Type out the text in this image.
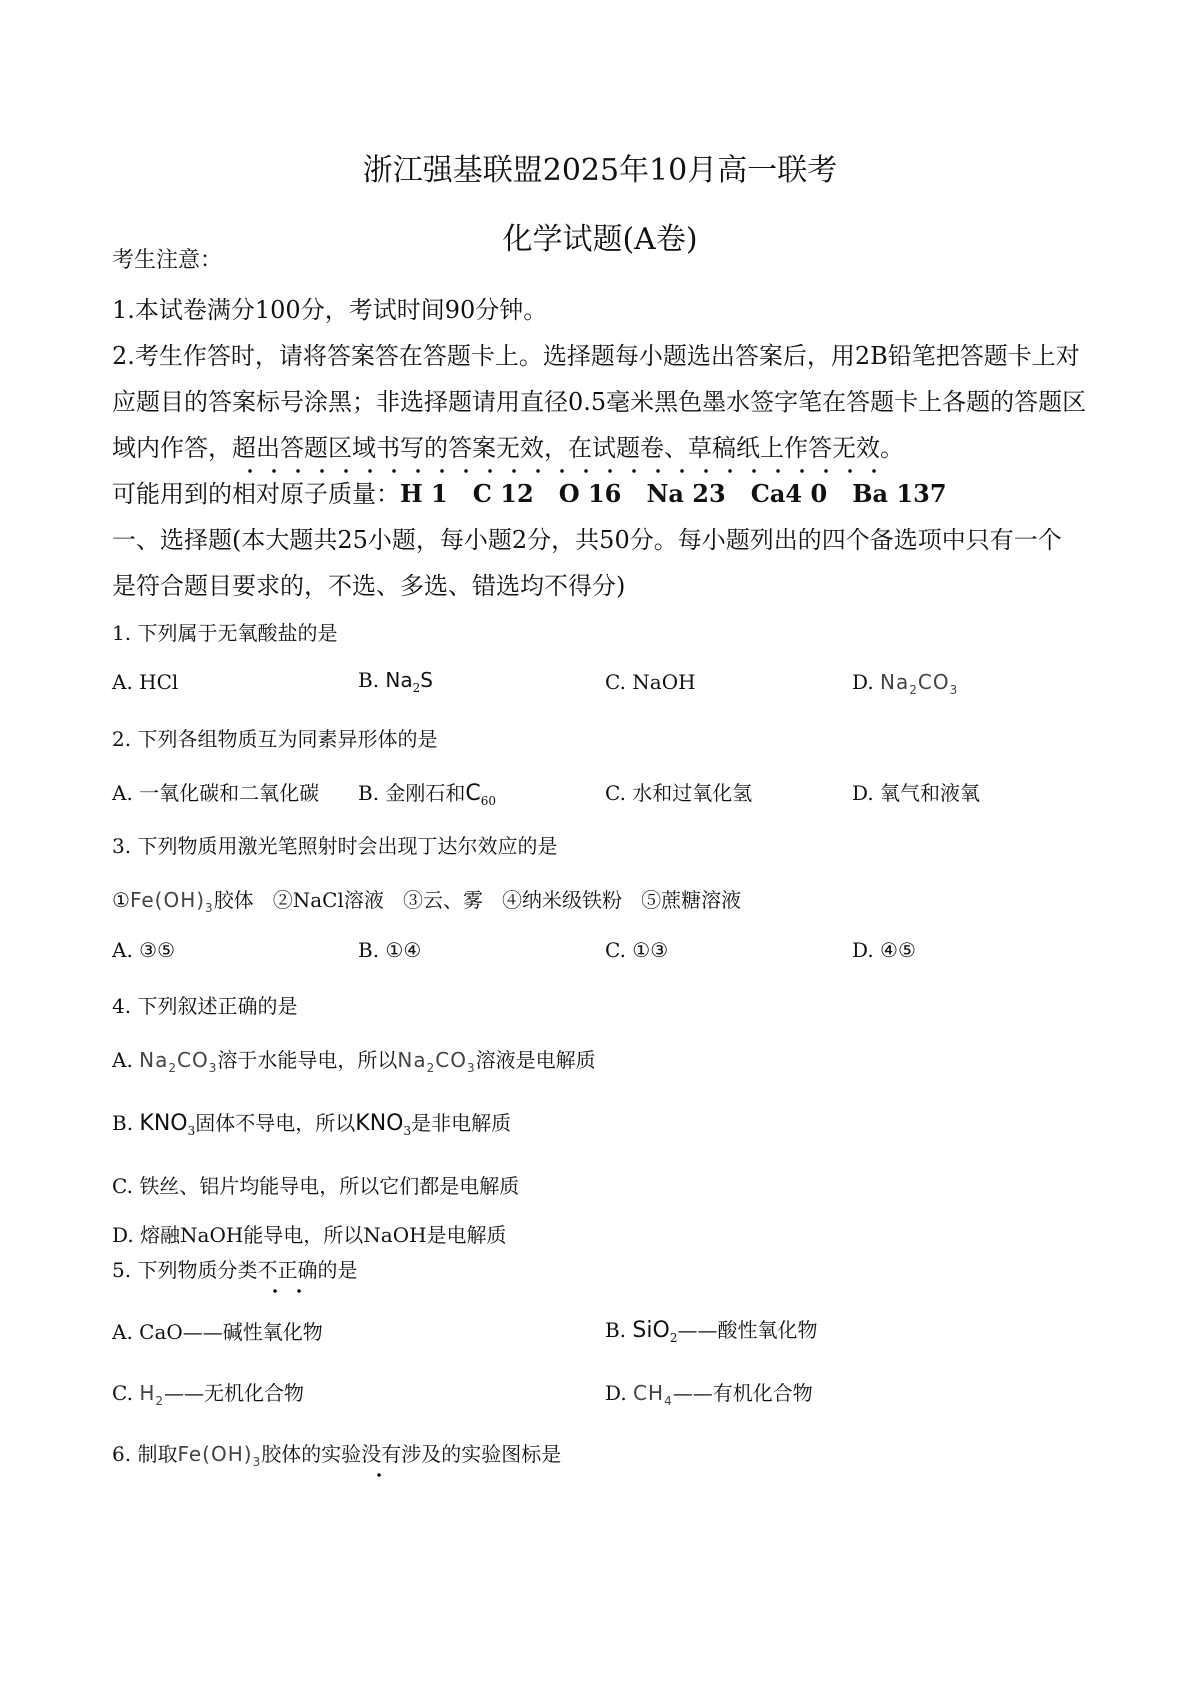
浙江强基联盟2025年10月高一联考
化学试题(A卷)
考生注意：
1.本试卷满分100分，考试时间90分钟。
2.考生作答时，请将答案答在答题卡上。选择题每小题选出答案后，用2B铅笔把答题卡上对
应题目的答案标号涂黑；非选择题请用直径0.5毫米黑色墨水签字笔在答题卡上各题的答题区
域内作答，超出答题区域书写的答案无效，在试题卷、草稿纸上作答无效。
可能用到的相对原子质量：H 1   C 12   O 16   Na 23   Ca4 0   Ba 137
一、选择题(本大题共25小题，每小题2分，共50分。每小题列出的四个备选项中只有一个
是符合题目要求的，不选、多选、错选均不得分)
1. 下列属于无氧酸盐的是
A. HCl	B. $Na_2S$	C. NaOH	D. $Na_2CO_3$
2. 下列各组物质互为同素异形体的是
A. 一氧化碳和二氧化碳 B. 金刚石和$C_{60}$	C. 水和过氧化氢	D. 氧气和液氧
3. 下列物质用激光笔照射时会出现丁达尔效应的是
$①Fe(OH)_3$胶体   ②NaCl溶液   ③云、雾   ④纳米级铁粉   ⑤蔗糖溶液
A. ③⑤	B. ①④	C. ①③	D. ④⑤
4. 下列叙述正确的是
A. $Na_2CO_3$溶于水能导电，所以$Na_2CO_3$溶液是电解质
B. $KNO_3$固体不导电，所以$KNO_3$是非电解质
C. 铁丝、铝片均能导电，所以它们都是电解质
D. 熔融NaOH能导电，所以NaOH是电解质
5. 下列物质分类不正确的是
A. CaO——碱性氧化物	B. SiO$_2$——酸性氧化物
C. $H_2——$无机化合物	D. $CH_4——$有机化合物
6. 制取$Fe(OH)_3$胶体的实验没有涉及的实验图标是
